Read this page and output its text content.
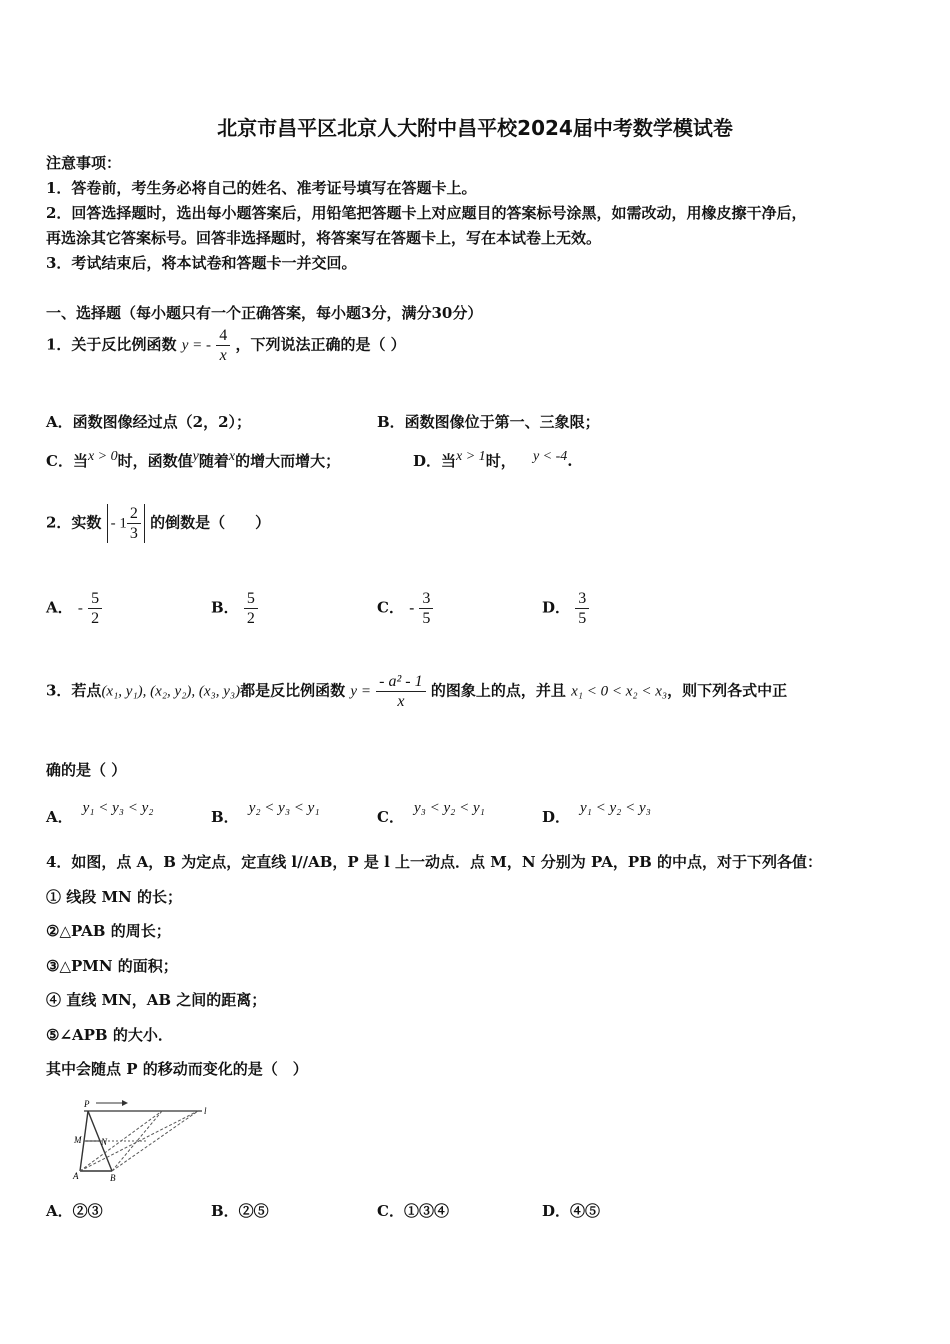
北京市昌平区北京人大附中昌平校2024届中考数学模试卷
注意事项：
1．答卷前，考生务必将自己的姓名、准考证号填写在答题卡上。
2．回答选择题时，选出每小题答案后，用铅笔把答题卡上对应题目的答案标号涂黑，如需改动，用橡皮擦干净后，
再选涂其它答案标号。回答非选择题时，将答案写在答题卡上，写在本试卷上无效。
3．考试结束后，将本试卷和答题卡一并交回。
一、选择题（每小题只有一个正确答案，每小题3分，满分30分）
1．关于反比例函数 y = - $\frac{4}{x}$ ，下列说法正确的是（ ）
A．函数图像经过点（2，2）；	B．函数图像位于第一、三象限；
C．当$^{x > 0}$时，函数值$^y$随着$^x$的增大而增大；	D．当$^{x > 1}$时， $^{y < -4}$.
2．实数 - $1 \frac{2}{3}$ 的倒数是（　　）
A． - $\frac{5}{2}$	B． $\frac{5}{2}$	C． - $\frac{3}{5}$	D． $\frac{3}{5}$
3．若点(x₁, y₁), (x₂, y₂), (x₃, y₃)都是反比例函数 $y = \frac{\text{- a² - 1}}{x}$ 的图象上的点，并且 x₁ < 0 < x₂ < x₃，则下列各式中正
确的是（ ）
A． y₁ < y₃ < y₂	B． y₂ < y₃ < y₁	C． y₃ < y₂ < y₁	D． y₁ < y₂ < y₃
4．如图，点 A，B 为定点，定直线 l//AB，P 是 l 上一动点．点 M，N 分别为 PA，PB 的中点，对于下列各值：
① 线段 MN 的长；
②△PAB 的周长；
③△PMN 的面积；
④ 直线 MN，AB 之间的距离；
⑤∠APB 的大小．
其中会随点 P 的移动而变化的是（　）
P
M N
A	B
l
A．②③	B．②⑤	C．①③④	D．④⑤
